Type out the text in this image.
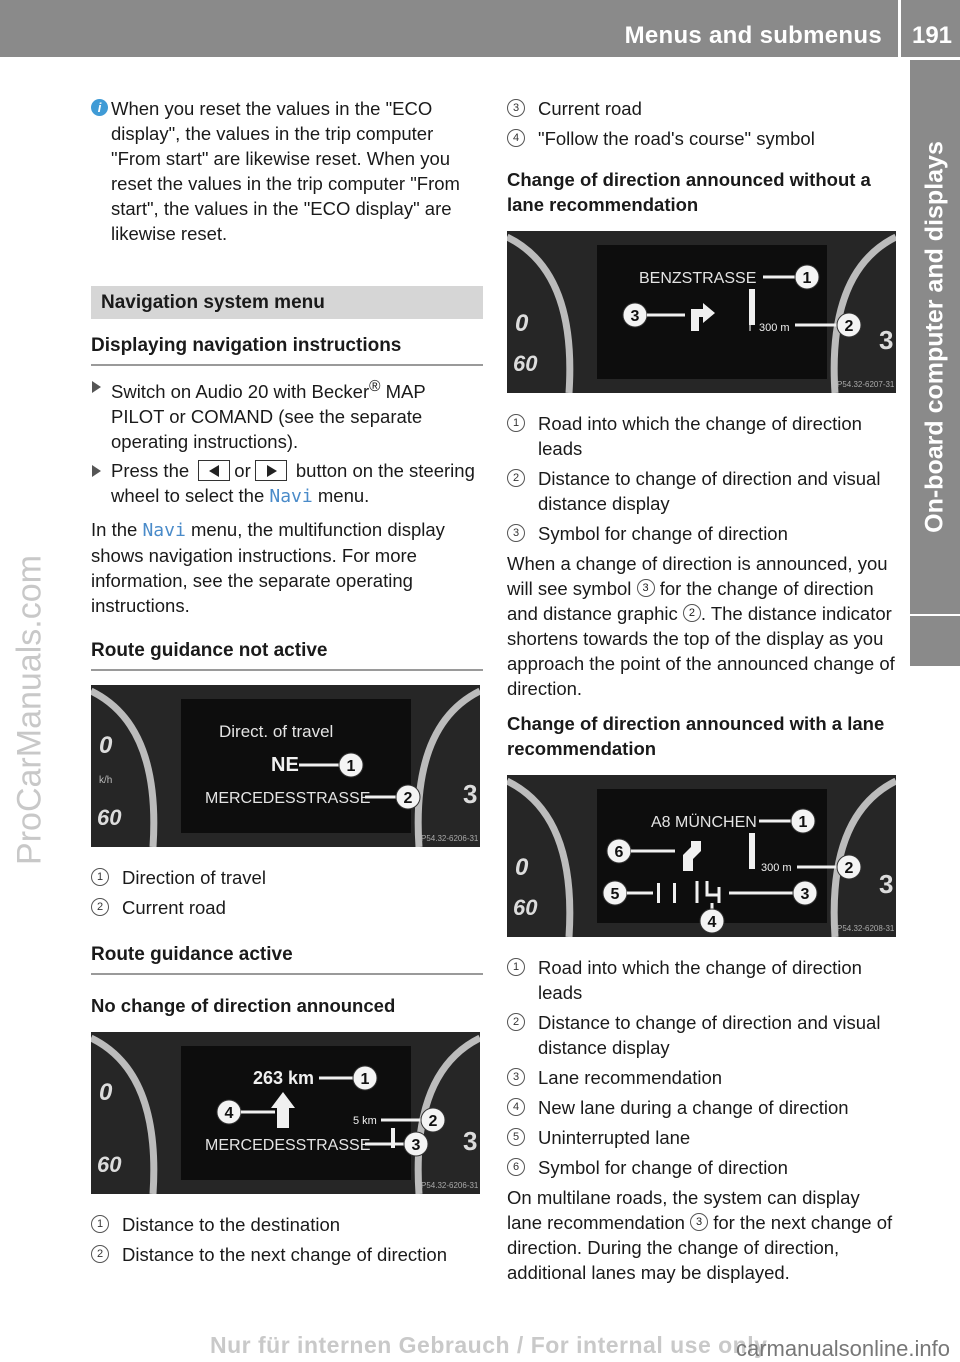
Menus and submenus	191
On-board computer and displays
ProCarManuals.com
Nur für internen Gebrauch / For internal use only
carmanualsonline.info
i When you reset the values in the "ECO display", the values in the trip computer "From start" are likewise reset. When you reset the values in the trip computer "From start", the values in the "ECO display" are likewise reset.
Navigation system menu
Displaying navigation instructions
Switch on Audio 20 with Becker® MAP PILOT or COMAND (see the separate operating instructions).
Press the or button on the steering wheel to select the Navi menu.
In the Navi menu, the multifunction display shows navigation instructions. For more information, see the separate operating instructions.
Route guidance not active
0
k/h
60
3
Direct. of travel
NE	1
MERCEDESSTRASSE 2
P54.32-6206-31
1	Direction of travel
2	Current road
Route guidance active
No change of direction announced
0
60
3
263 km	1
4	5 km	2
MERCEDESSTRASSE	3
P54.32-6206-31
1	Distance to the destination
2	Distance to the next change of direction
3	Current road
4	"Follow the road's course" symbol
Change of direction announced without a lane recommendation
0
60
3
BENZSTRASSE	1
3
300 m	2
P54.32-6207-31
1	Road into which the change of direction leads
2	Distance to change of direction and visual distance display
3	Symbol for change of direction
When a change of direction is announced, you will see symbol 3 for the change of direction and distance graphic 2 . The distance indicator shortens towards the top of the display as you approach the point of the announced change of direction.
Change of direction announced with a lane recommendation
0
60
3
A8 MÜNCHEN	1
6
300 m	2
5	3
4	P54.32-6208-31
1	Road into which the change of direction leads
2	Distance to change of direction and visual distance display
3	Lane recommendation
4	New lane during a change of direction
5	Uninterrupted lane
6	Symbol for change of direction
On multilane roads, the system can display lane recommendation 3 for the next change of direction. During the change of direction, additional lanes may be displayed.
